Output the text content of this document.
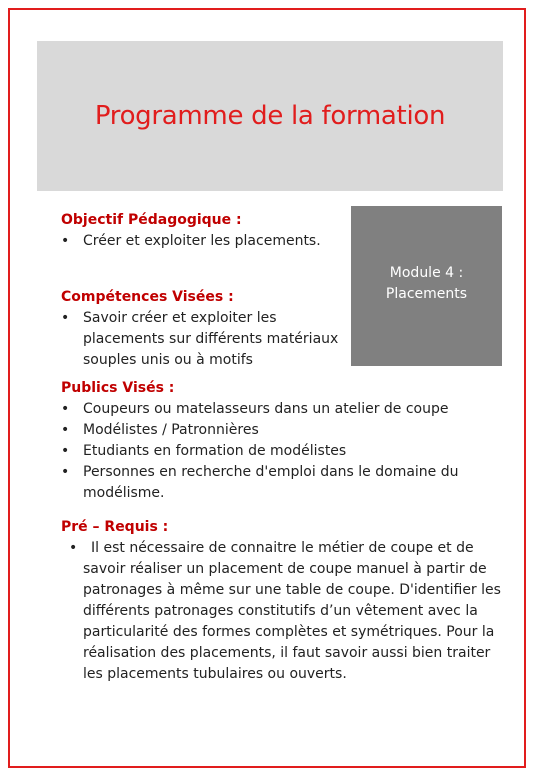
Programme de la formation
Module 4 :
Placements
Objectif Pédagogique :
• Créer et exploiter les placements.
Compétences Visées :
• Savoir créer et exploiter les placements sur différents matériaux souples unis ou à motifs
Publics Visés :
• Coupeurs ou matelasseurs dans un atelier de coupe
• Modélistes / Patronnières
• Etudiants en formation de modélistes
• Personnes en recherche d'emploi dans le domaine du modélisme.
Pré – Requis :
• Il est nécessaire de connaitre le métier de coupe et de savoir réaliser un placement de coupe manuel à partir de patronages à même sur une table de coupe. D'identifier les différents patronages constitutifs d’un vêtement avec la particularité des formes complètes et symétriques. Pour la réalisation des placements, il faut savoir aussi bien traiter les placements tubulaires ou ouverts.
